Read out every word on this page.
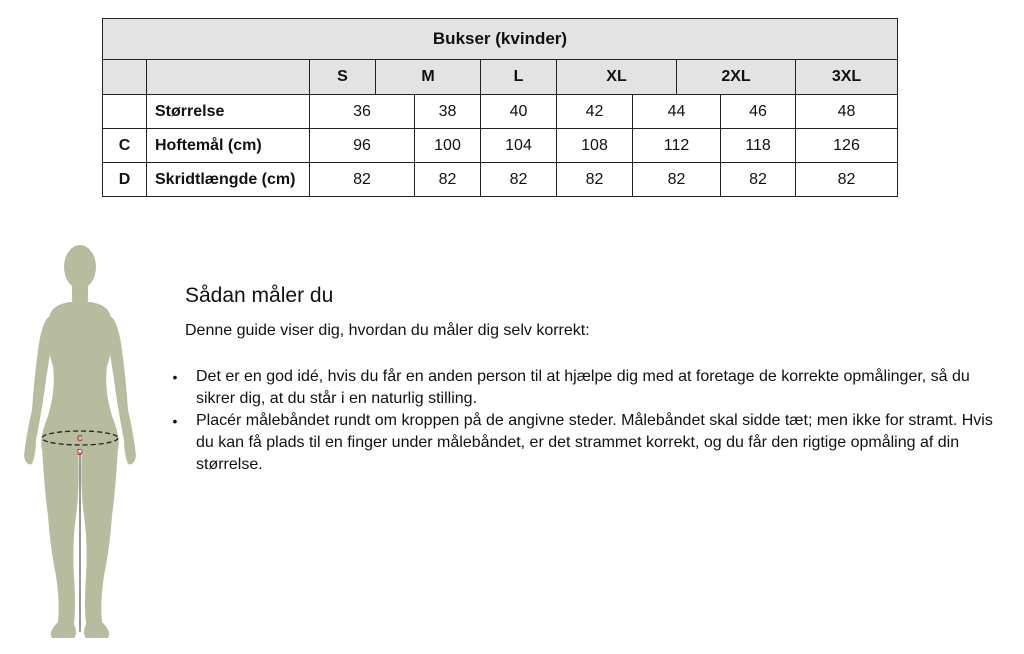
Bukser (kvinder)
S	M	L	XL	2XL	3XL
Størrelse	36	38	40	42	44	46	48
C	Hoftemål (cm)	96	100	104	108	112	118	126
D	Skridtlængde (cm)	82	82	82	82	82	82	82
C
D
Sådan måler du

Denne guide viser dig, hvordan du måler dig selv korrekt:

• Det er en god idé, hvis du får en anden person til at hjælpe dig med at foretage de korrekte opmålinger, så du sikrer dig, at du står i en naturlig stilling.
• Placér målebåndet rundt om kroppen på de angivne steder. Målebåndet skal sidde tæt; men ikke for stramt. Hvis du kan få plads til en finger under målebåndet, er det strammet korrekt, og du får den rigtige opmåling af din størrelse.
